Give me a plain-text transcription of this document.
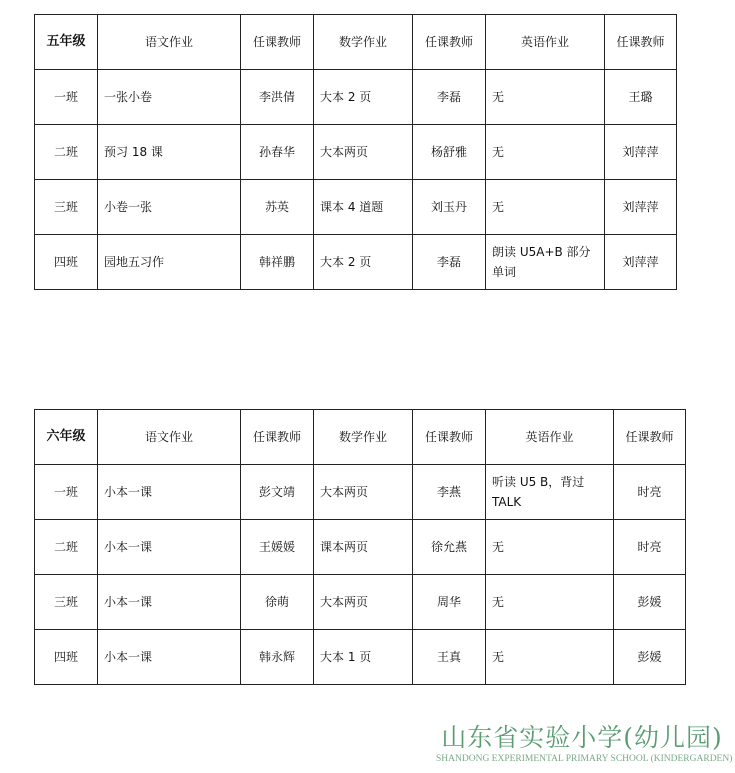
五年级	语文作业	任课教师	数学作业	任课教师	英语作业	任课教师
一班	一张小卷	李洪倩	大本 2 页	李磊	无	王璐
二班	预习 18 课	孙春华	大本两页	杨舒雅	无	刘萍萍
三班	小卷一张	苏英	课本 4 道题	刘玉丹	无	刘萍萍
四班	园地五习作	韩祥鹏	大本 2 页	李磊	朗读 U5A+B 部分单词	刘萍萍
六年级	语文作业	任课教师	数学作业	任课教师	英语作业	任课教师
一班	小本一课	彭文靖	大本两页	李燕	听读 U5 B，背过 TALK	时亮
二班	小本一课	王媛媛	课本两页	徐允燕	无	时亮
三班	小本一课	徐萌	大本两页	周华	无	彭媛
四班	小本一课	韩永辉	大本 1 页	王真	无	彭媛
山东省实验小学(幼儿园)
SHANDONG EXPERIMENTAL PRIMARY SCHOOL (KINDERGARDEN)
